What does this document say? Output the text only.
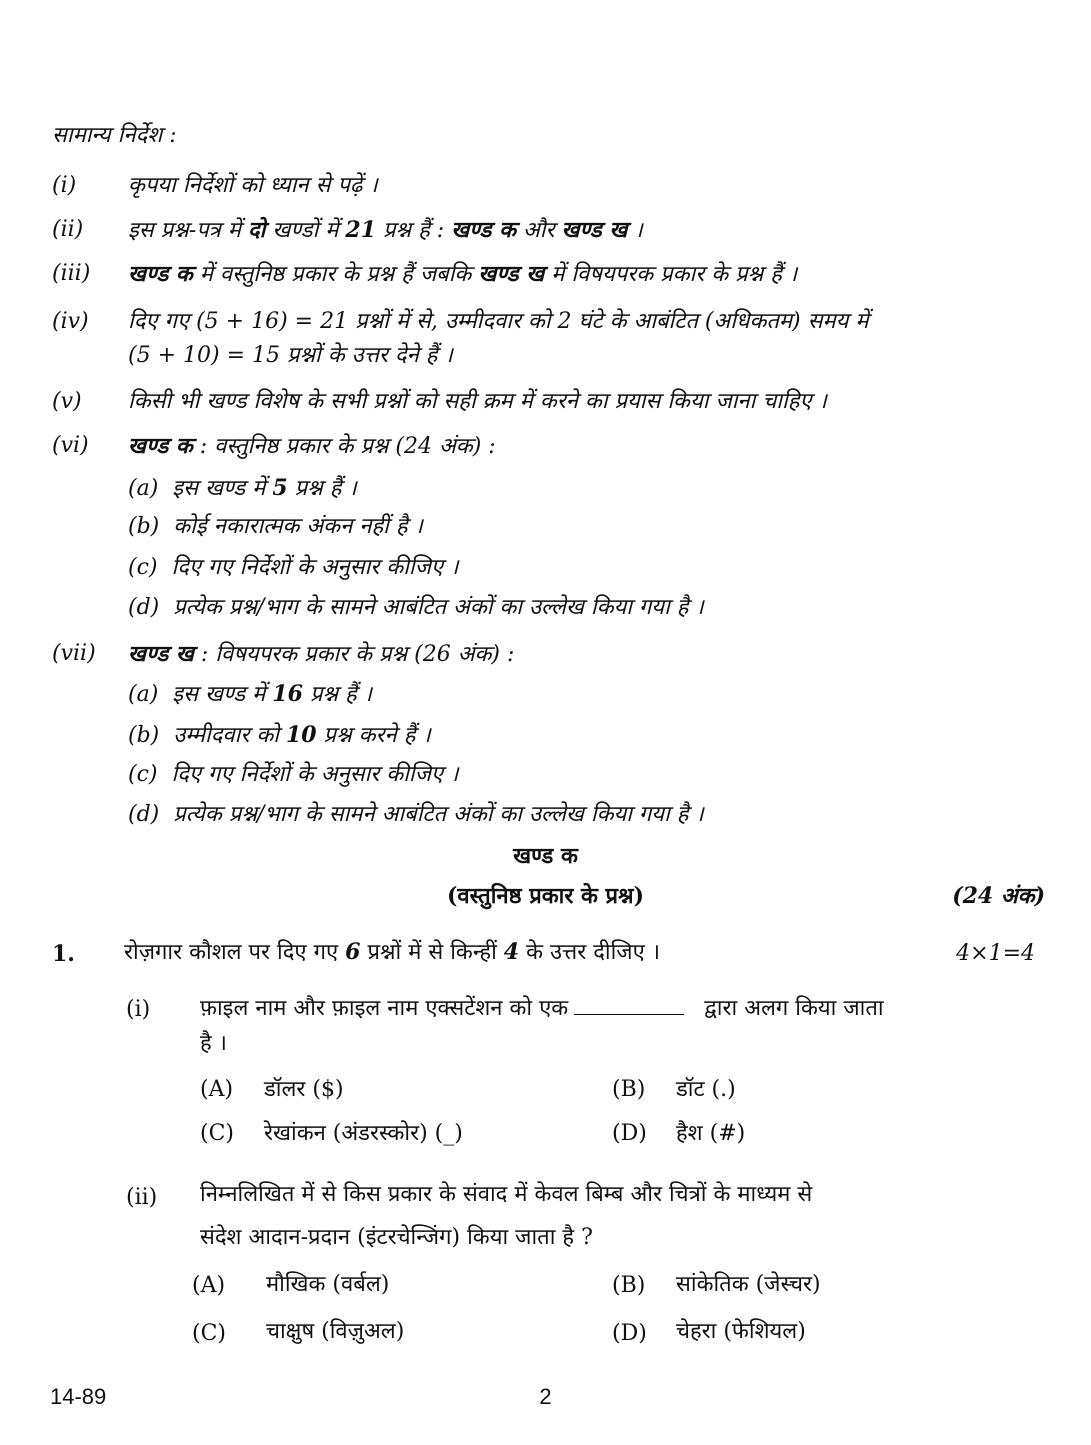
सामान्य निर्देश :
(i) कृपया निर्देशों को ध्यान से पढ़ें ।
(ii) इस प्रश्न-पत्र में दो खण्डों में 21 प्रश्न हैं : खण्ड क और खण्ड ख ।
(iii) खण्ड क में वस्तुनिष्ठ प्रकार के प्रश्न हैं जबकि खण्ड ख में विषयपरक प्रकार के प्रश्न हैं ।
(iv) दिए गए (5 + 16) = 21 प्रश्नों में से, उम्मीदवार को 2 घंटे के आबंटित (अधिकतम) समय में
(5 + 10) = 15 प्रश्नों के उत्तर देने हैं ।
(v) किसी भी खण्ड विशेष के सभी प्रश्नों को सही क्रम में करने का प्रयास किया जाना चाहिए ।
(vi) खण्ड क : वस्तुनिष्ठ प्रकार के प्रश्न (24 अंक) :
(a) इस खण्ड में 5 प्रश्न हैं ।
(b) कोई नकारात्मक अंकन नहीं है ।
(c) दिए गए निर्देशों के अनुसार कीजिए ।
(d) प्रत्येक प्रश्न/भाग के सामने आबंटित अंकों का उल्लेख किया गया है ।
(vii) खण्ड ख : विषयपरक प्रकार के प्रश्न (26 अंक) :
(a) इस खण्ड में 16 प्रश्न हैं ।
(b) उम्मीदवार को 10 प्रश्न करने हैं ।
(c) दिए गए निर्देशों के अनुसार कीजिए ।
(d) प्रत्येक प्रश्न/भाग के सामने आबंटित अंकों का उल्लेख किया गया है ।
खण्ड क
(वस्तुनिष्ठ प्रकार के प्रश्न)	(24 अंक)
1. रोज़गार कौशल पर दिए गए 6 प्रश्नों में से किन्हीं 4 के उत्तर दीजिए ।	4×1=4
(i) फ़ाइल नाम और फ़ाइल नाम एक्सटेंशन को एक	द्वारा अलग किया जाता
है ।
(A) डॉलर ($)	(B) डॉट (.)
(C) रेखांकन (अंडरस्कोर) (_)	(D) हैश (#)
(ii) निम्नलिखित में से किस प्रकार के संवाद में केवल बिम्ब और चित्रों के माध्यम से
संदेश आदान-प्रदान (इंटरचेन्जिंग) किया जाता है ?
(A) मौखिक (वर्बल)	(B) सांकेतिक (जेस्चर)
(C) चाक्षुष (विज़ुअल)	(D) चेहरा (फेशियल)
14-89	2
